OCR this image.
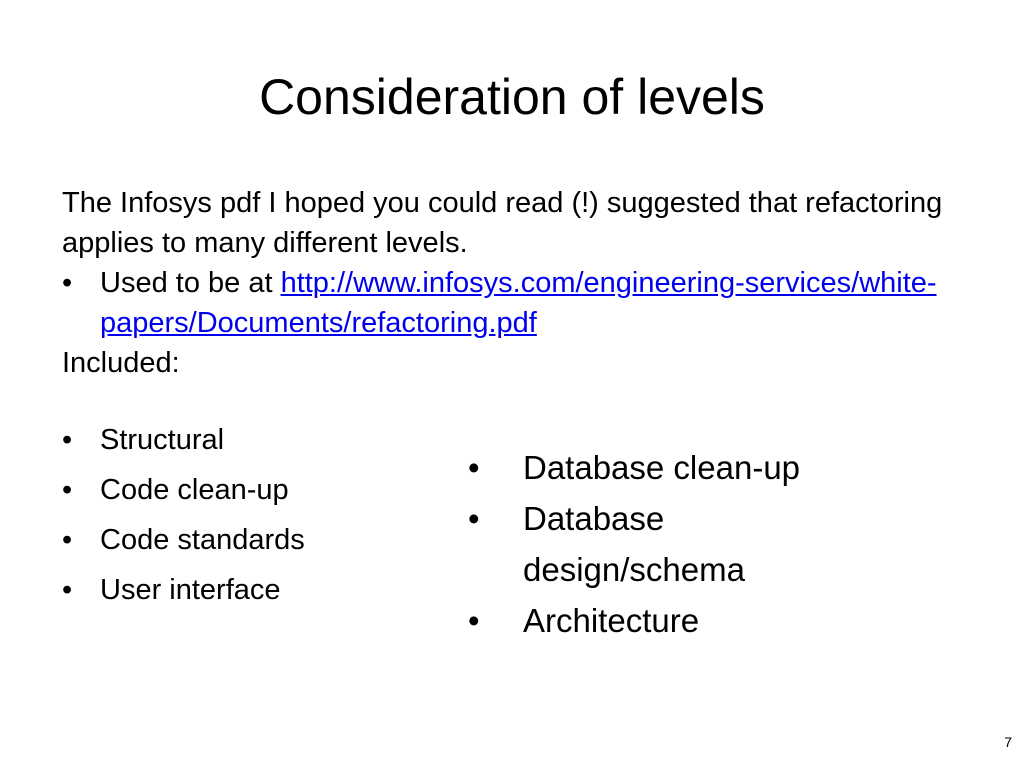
Consideration of levels

The Infosys pdf I hoped you could read (!) suggested that refactoring applies to many different levels.

• Used to be at http://www.infosys.com/engineering-services/white-papers/Documents/refactoring.pdf

Included:

• Structural
• Code clean-up
• Code standards
• User interface
• Database clean-up
• Database design/schema
• Architecture
7
